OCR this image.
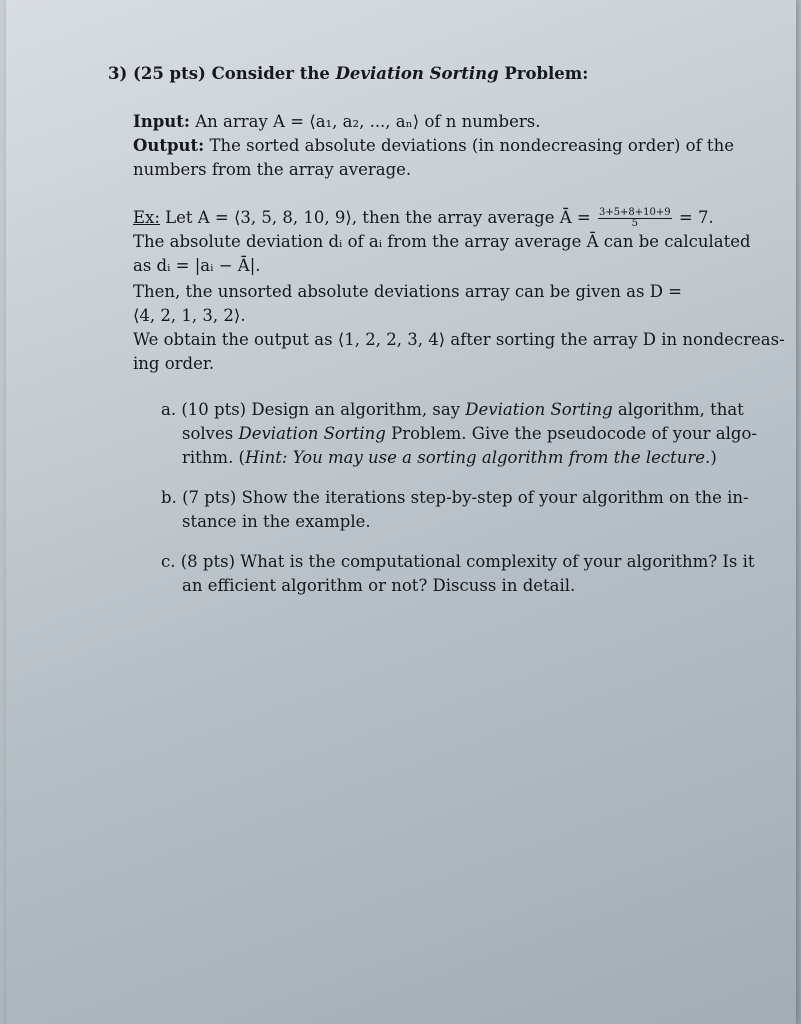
3) (25 pts) Consider the Deviation Sorting Problem:
Input: An array A = ⟨a₁, a₂, ..., aₙ⟩ of n numbers.
Output: The sorted absolute deviations (in nondecreasing order) of the
numbers from the array average.
Ex: Let A = ⟨3, 5, 8, 10, 9⟩, then the array average Ā = $\frac{3+5+8+10+9}{5} = 7$.
The absolute deviation dᵢ of aᵢ from the array average Ā can be calculated
as dᵢ = |aᵢ − Ā|.
Then, the unsorted absolute deviations array can be given as D =
⟨4, 2, 1, 3, 2⟩.
We obtain the output as ⟨1, 2, 2, 3, 4⟩ after sorting the array D in nondecreas-
ing order.
a. (10 pts) Design an algorithm, say Deviation Sorting algorithm, that
solves Deviation Sorting Problem. Give the pseudocode of your algo-
rithm. (Hint: You may use a sorting algorithm from the lecture.)
b. (7 pts) Show the iterations step-by-step of your algorithm on the in-
stance in the example.
c. (8 pts) What is the computational complexity of your algorithm? Is it
an efficient algorithm or not? Discuss in detail.
